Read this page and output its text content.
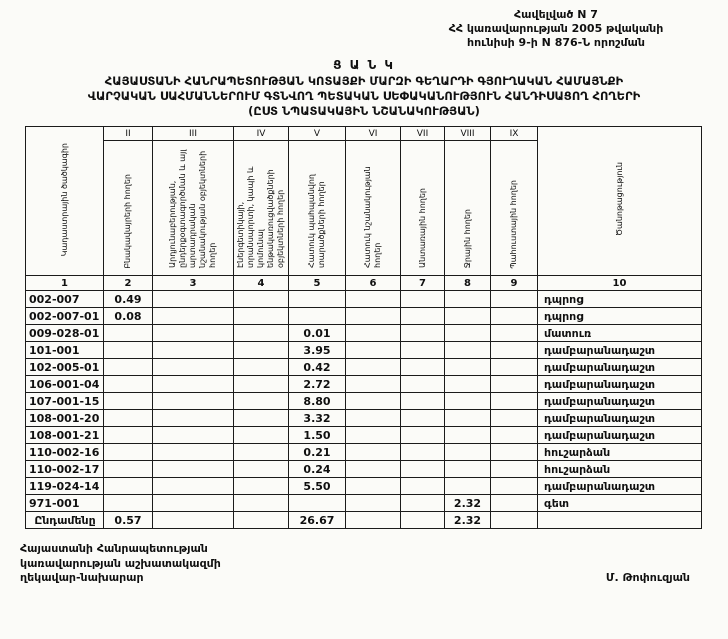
Հավելված N 7
ՀՀ կառավարության 2005 թվականի
հունիսի 9-ի N 876-Ն որոշման
Ց Ա Ն Կ
ՀԱՅԱՍՏԱՆԻ ՀԱՆՐԱՊԵՏՈՒԹՅԱՆ ԿՈՏԱՅՔԻ ՄԱՐԶԻ ԳԵՂԱՐԴԻ ԳՅՈՒՂԱԿԱՆ ՀԱՄԱՅՆՔԻ
ՎԱՐՉԱԿԱՆ ՍԱՀՄԱՆՆԵՐՈՒՄ ԳՏՆՎՈՂ ՊԵՏԱԿԱՆ ՍԵՓԱԿԱՆՈՒԹՅՈՒՆ ՀԱՆԴԻՍԱՑՈՂ ՀՈՂԵՐԻ
(ԸՍՏ ՆՊԱՏԱԿԱՅԻՆ ՆՇԱՆԱԿՈՒԹՅԱՆ)
Կադաստրային ծածկագիր	II	III	IV	V	VI	VII	VIII	IX	Ծանոթացություն
	Բնակավայրերի հողեր	Արդյունաբերության, ընդերքօգտագործման և այլ արտադրական նշանակության օբյեկտների հողեր	Էներգետիկայի, տրանսպորտի, կապի և կոմունալ ենթակառուցվածքների օբյեկտների հողեր	Հատուկ պահպանվող տարածքների հողեր	Հատուկ նշանակության հողեր	Անտառային հողեր	Ջրային հողեր	Պահուստային հողեր	
1	2	3	4	5	6	7	8	9	10
002-007	0.49								դպրոց
002-007-01	0.08								դպրոց
009-028-01				0.01					մատուռ
101-001				3.95					դամբարանադաշտ
102-005-01				0.42					դամբարանադաշտ
106-001-04				2.72					դամբարանադաշտ
107-001-15				8.80					դամբարանադաշտ
108-001-20				3.32					դամբարանադաշտ
108-001-21				1.50					դամբարանադաշտ
110-002-16				0.21					հուշարձան
110-002-17				0.24					հուշարձան
119-024-14				5.50					դամբարանադաշտ
971-001							2.32		գետ
Ընդամենը	0.57			26.67			2.32		
Հայաստանի Հանրապետության
կառավարության աշխատակազմի
ղեկավար-նախարար	Մ. Թոփուզյան
